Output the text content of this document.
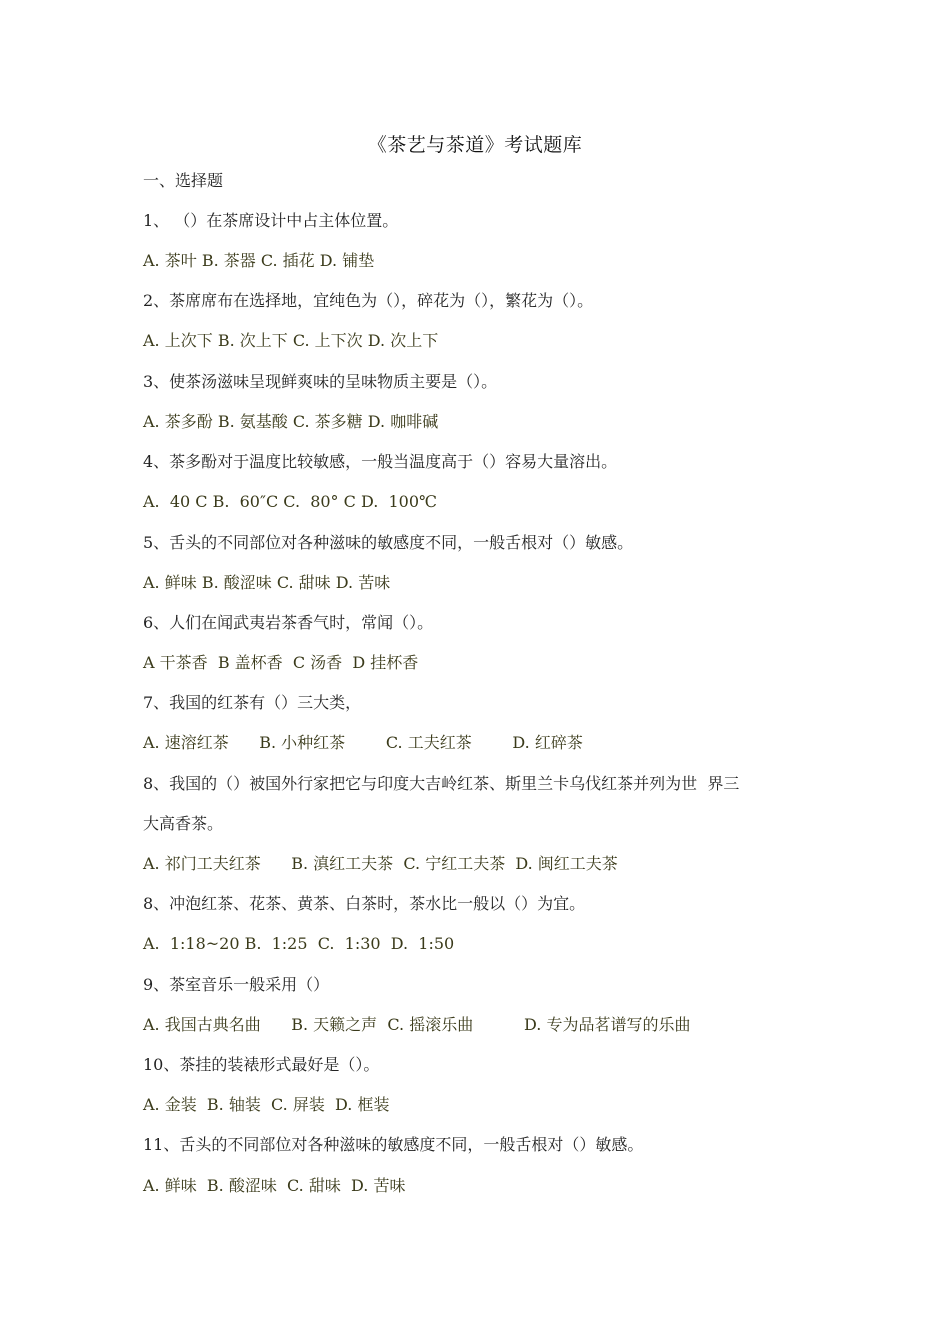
《茶艺与茶道》考试题库
一、选择题
1、 （）在茶席设计中占主体位置。
A. 茶叶 B. 茶器 C. 插花 D. 铺垫
2、茶席席布在选择地，宜纯色为（），碎花为（），繁花为（）。
A. 上次下 B. 次上下 C. 上下次 D. 次上下
3、使茶汤滋味呈现鲜爽味的呈味物质主要是（）。
A. 茶多酚 B. 氨基酸 C. 茶多糖 D. 咖啡碱
4、茶多酚对于温度比较敏感，一般当温度高于（）容易大量溶出。
A.  40 C B.  60″C C.  80° C D.  100℃
5、舌头的不同部位对各种滋味的敏感度不同，一般舌根对（）敏感。
A. 鲜味 B. 酸涩味 C. 甜味 D. 苦味
6、人们在闻武夷岩茶香气时，常闻（）。
A 干茶香  B 盖杯香  C 汤香  D 挂杯香
7、我国的红茶有（）三大类，
A. 速溶红茶      B. 小种红茶        C. 工夫红茶        D. 红碎茶
8、我国的（）被国外行家把它与印度大吉岭红茶、斯里兰卡乌伐红茶并列为世  界三
大高香茶。
A. 祁门工夫红茶      B. 滇红工夫茶  C. 宁红工夫茶  D. 闽红工夫茶
8、冲泡红茶、花茶、黄茶、白茶时，茶水比一般以（）为宜。
A.  1:18~20 B.  1:25  C.  1:30  D.  1:50
9、茶室音乐一般采用（）
A. 我国古典名曲      B. 天籁之声  C. 摇滚乐曲          D. 专为品茗谱写的乐曲
10、茶挂的装裱形式最好是（）。
A. 金装  B. 轴装  C. 屏装  D. 框装
11、舌头的不同部位对各种滋味的敏感度不同，一般舌根对（）敏感。
A. 鲜味  B. 酸涩味  C. 甜味  D. 苦味
